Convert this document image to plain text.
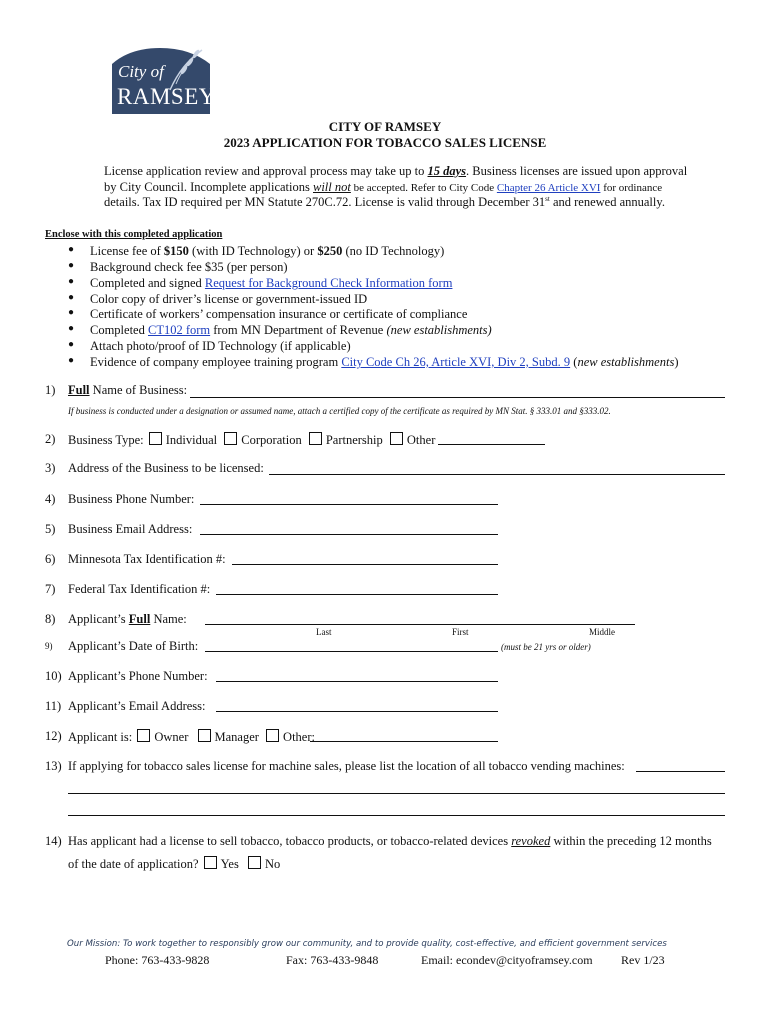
City of
RAMSEY
CITY OF RAMSEY
2023 APPLICATION FOR TOBACCO SALES LICENSE
License application review and approval process may take up to 15 days. Business licenses are issued upon approval
by City Council. Incomplete applications will not be accepted. Refer to City Code Chapter 26 Article XVI for ordinance
details. Tax ID required per MN Statute 270C.72. License is valid through December 31st and renewed annually.
Enclose with this completed application
● License fee of $150 (with ID Technology) or $250 (no ID Technology)
● Background check fee $35 (per person)
● Completed and signed Request for Background Check Information form
● Color copy of driver’s license or government-issued ID
● Certificate of workers’ compensation insurance or certificate of compliance
● Completed CT102 form from MN Department of Revenue (new establishments)
● Attach photo/proof of ID Technology (if applicable)
● Evidence of company employee training program City Code Ch 26, Article XVI, Div 2, Subd. 9 (new establishments)
1) Full Name of Business:
If business is conducted under a designation or assumed name, attach a certified copy of the certificate as required by MN Stat. § 333.01 and §333.02.
2) Business Type: Individual Corporation Partnership Other
3) Address of the Business to be licensed:
4) Business Phone Number:
5) Business Email Address:
6) Minnesota Tax Identification #:
7) Federal Tax Identification #:
8) Applicant’s Full Name:
Last	First	Middle
9) Applicant’s Date of Birth:	(must be 21 yrs or older)
10) Applicant’s Phone Number:
11) Applicant’s Email Address:
12) Applicant is: Owner Manager Other:
13) If applying for tobacco sales license for machine sales, please list the location of all tobacco vending machines:
14) Has applicant had a license to sell tobacco, tobacco products, or tobacco-related devices revoked within the preceding 12 months
of the date of application? Yes No
Our Mission: To work together to responsibly grow our community, and to provide quality, cost-effective, and efficient government services
Phone: 763-433-9828	Fax: 763-433-9848	Email: econdev@cityoframsey.com Rev 1/23
